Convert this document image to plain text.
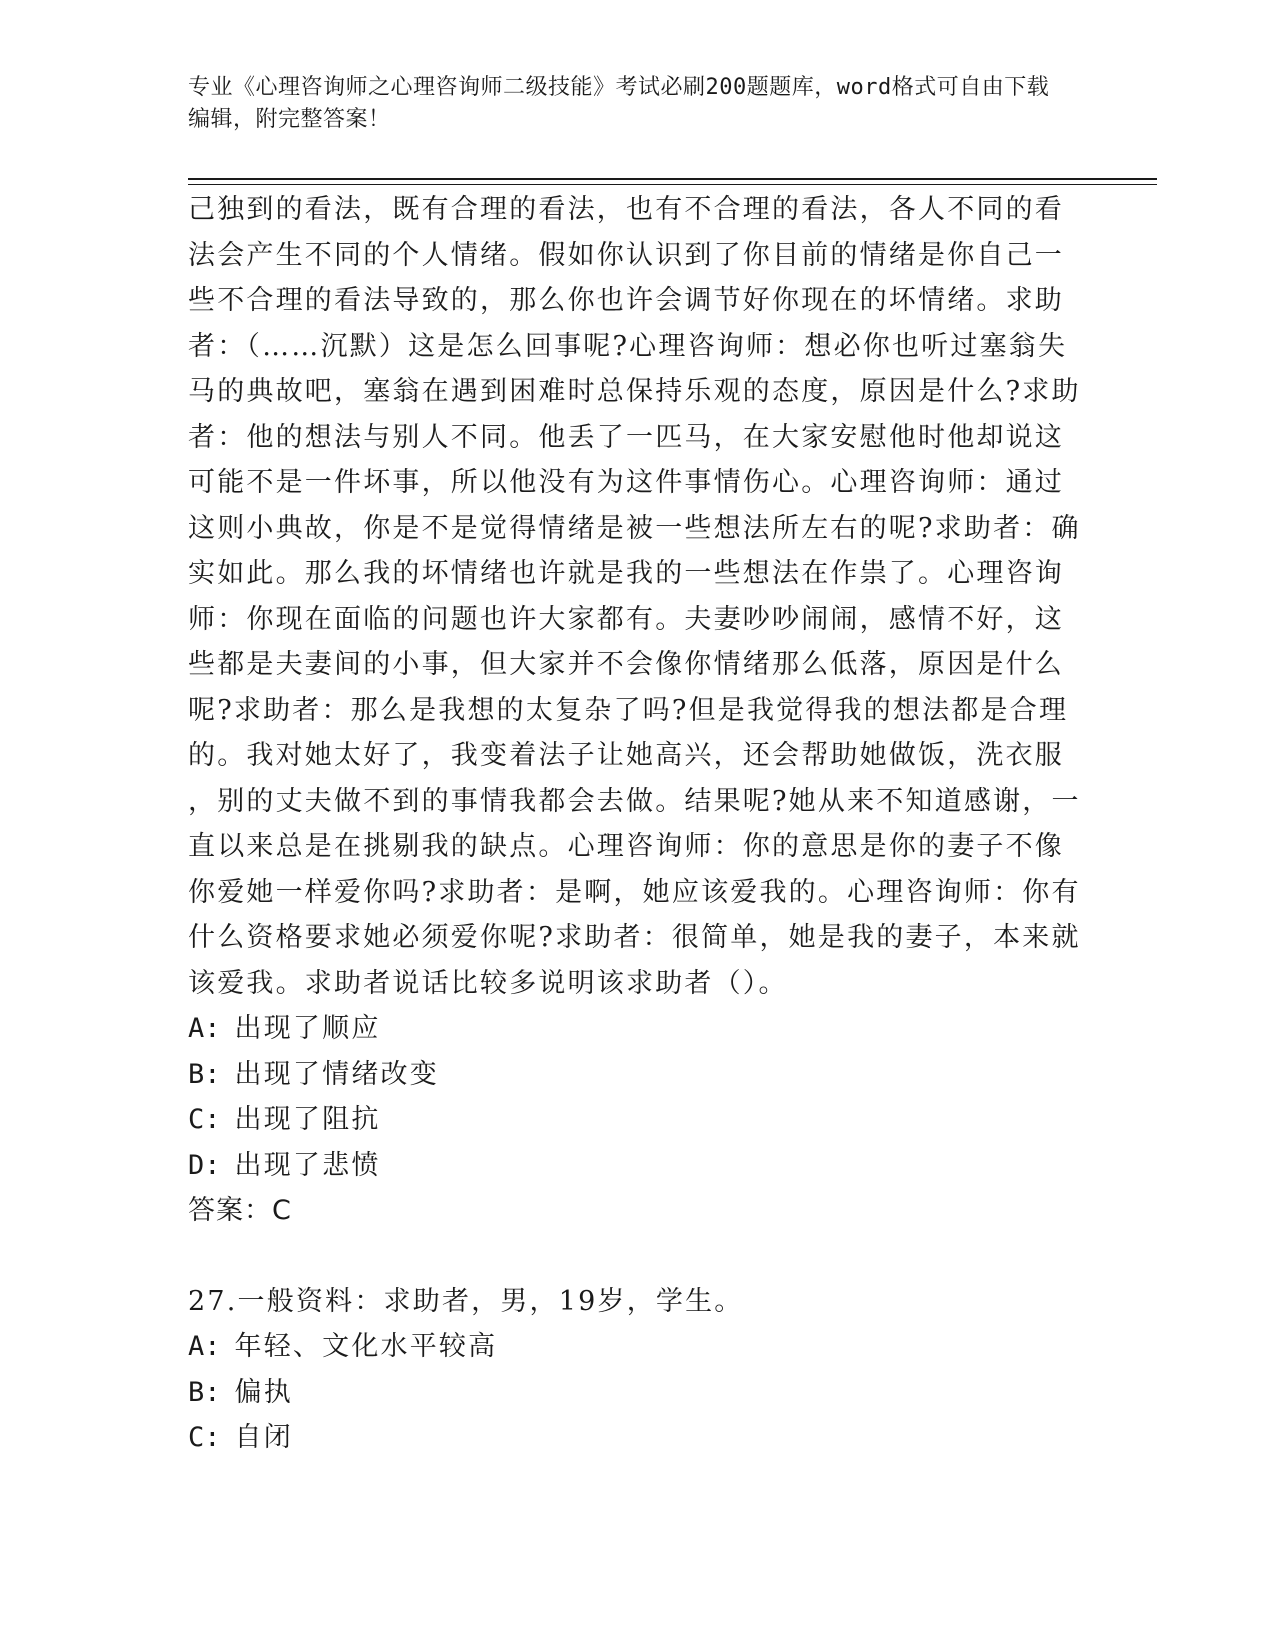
专业《心理咨询师之心理咨询师二级技能》考试必刷200题题库，word格式可自由下载编辑，附完整答案！

己独到的看法，既有合理的看法，也有不合理的看法，各人不同的看

法会产生不同的个人情绪。假如你认识到了你目前的情绪是你自己一

些不合理的看法导致的，那么你也许会调节好你现在的坏情绪。求助

者：（……沉默）这是怎么回事呢?心理咨询师：想必你也听过塞翁失

马的典故吧，塞翁在遇到困难时总保持乐观的态度，原因是什么?求助

者：他的想法与别人不同。他丢了一匹马，在大家安慰他时他却说这

可能不是一件坏事，所以他没有为这件事情伤心。心理咨询师：通过

这则小典故，你是不是觉得情绪是被一些想法所左右的呢?求助者：确

实如此。那么我的坏情绪也许就是我的一些想法在作祟了。心理咨询

师：你现在面临的问题也许大家都有。夫妻吵吵闹闹，感情不好，这

些都是夫妻间的小事，但大家并不会像你情绪那么低落，原因是什么

呢?求助者：那么是我想的太复杂了吗?但是我觉得我的想法都是合理

的。我对她太好了，我变着法子让她高兴，还会帮助她做饭，洗衣服

，别的丈夫做不到的事情我都会去做。结果呢?她从来不知道感谢，一

直以来总是在挑剔我的缺点。心理咨询师：你的意思是你的妻子不像

你爱她一样爱你吗?求助者：是啊，她应该爱我的。心理咨询师：你有

什么资格要求她必须爱你呢?求助者：很简单，她是我的妻子，本来就

该爱我。求助者说话比较多说明该求助者（）。

A: 出现了顺应

B: 出现了情绪改变

C: 出现了阻抗

D: 出现了悲愤

答案：C

27.一般资料：求助者，男，19岁，学生。

A: 年轻、文化水平较高

B: 偏执

C: 自闭
